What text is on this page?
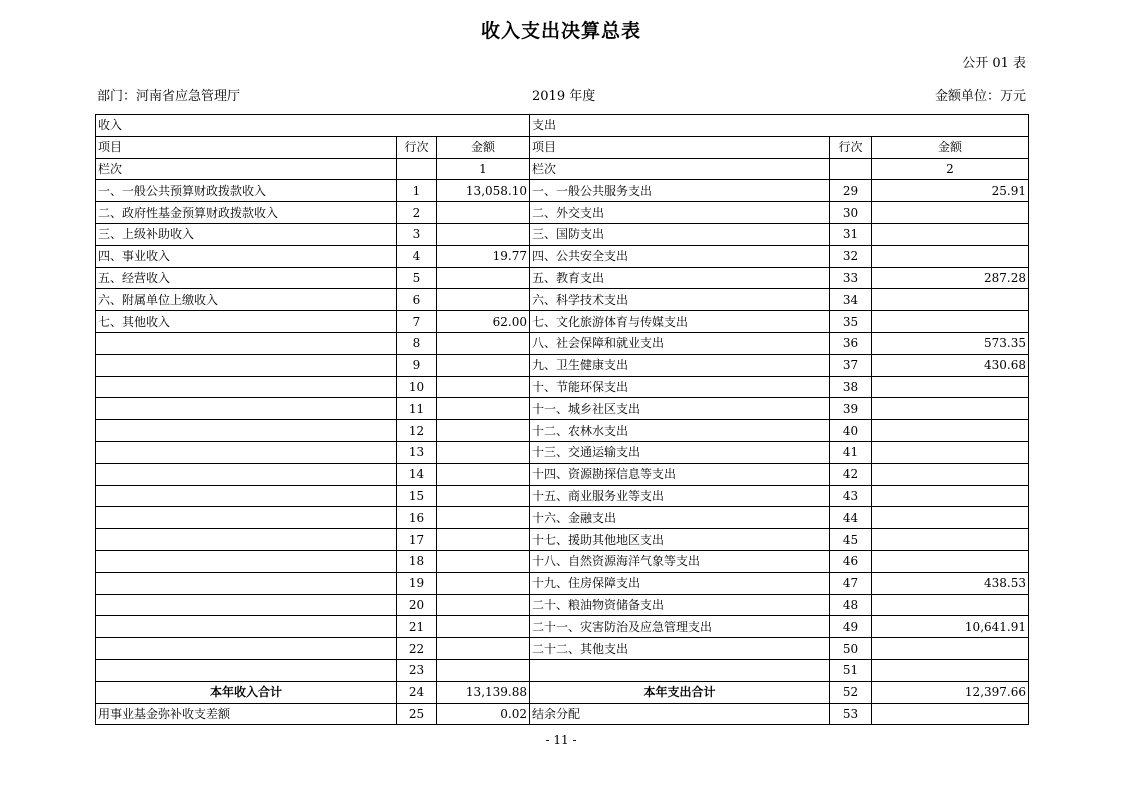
收入支出决算总表
公开 01 表
部门：河南省应急管理厅	2019 年度	金额单位：万元
收入			支出		
项目	行次	金额	项目	行次	金额
栏次		1	栏次		2
一、一般公共预算财政拨款收入	1	13,058.10	一、一般公共服务支出	29	25.91
二、政府性基金预算财政拨款收入	2		二、外交支出	30	
三、上级补助收入	3		三、国防支出	31	
四、事业收入	4	19.77	四、公共安全支出	32	
五、经营收入	5		五、教育支出	33	287.28
六、附属单位上缴收入	6		六、科学技术支出	34	
七、其他收入	7	62.00	七、文化旅游体育与传媒支出	35	
	8		八、社会保障和就业支出	36	573.35
	9		九、卫生健康支出	37	430.68
	10		十、节能环保支出	38	
	11		十一、城乡社区支出	39	
	12		十二、农林水支出	40	
	13		十三、交通运输支出	41	
	14		十四、资源勘探信息等支出	42	
	15		十五、商业服务业等支出	43	
	16		十六、金融支出	44	
	17		十七、援助其他地区支出	45	
	18		十八、自然资源海洋气象等支出	46	
	19		十九、住房保障支出	47	438.53
	20		二十、粮油物资储备支出	48	
	21		二十一、灾害防治及应急管理支出	49	10,641.91
	22		二十二、其他支出	50	
	23			51	
本年收入合计	24	13,139.88	本年支出合计	52	12,397.66
用事业基金弥补收支差额	25	0.02	结余分配	53	
- 11 -
